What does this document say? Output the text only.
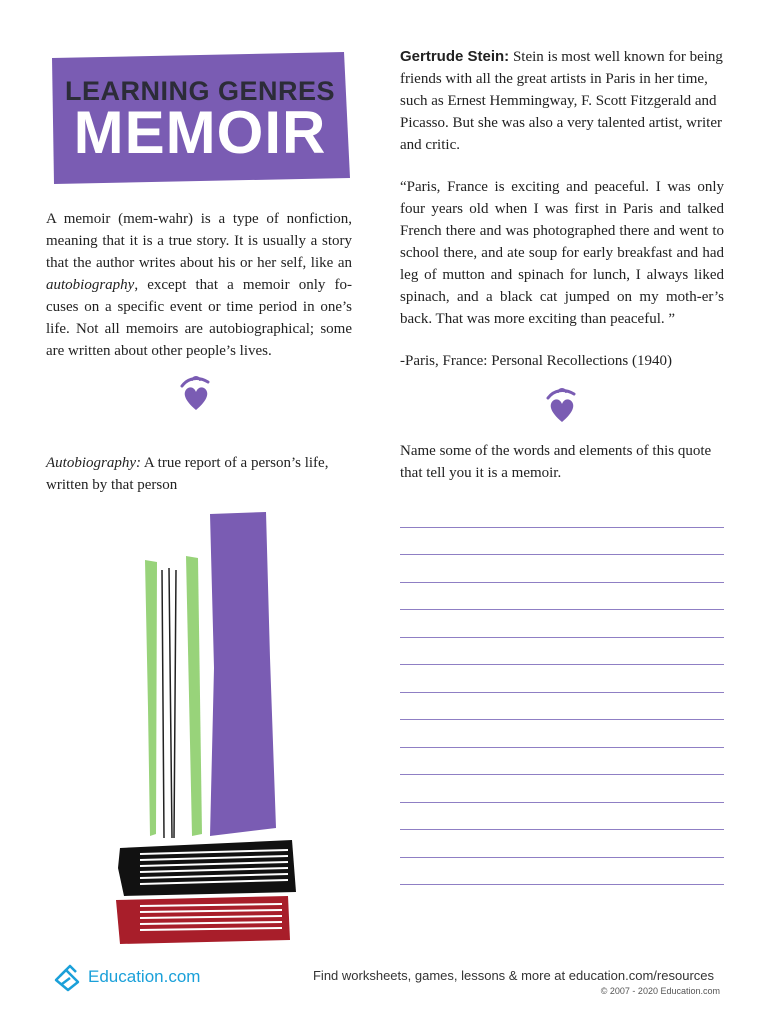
LEARNING GENRES
MEMOIR
A memoir (mem-wahr) is a type of nonfiction, meaning that it is a true story. It is usually a story that the author writes about his or her self, like an autobiography, except that a memoir only fo-cuses on a specific event or time period in one’s life. Not all memoirs are autobiographical; some are written about other people’s lives.
Autobiography: A true report of a person’s life, written by that person
Gertrude Stein: Stein is most well known for being friends with all the great artists in Paris in her time, such as Ernest Hemmingway, F. Scott Fitzgerald and Picasso. But she was also a very talented artist, writer and critic.
“Paris, France is exciting and peaceful. I was only four years old when I was first in Paris and talked French there and was photographed there and went to school there, and ate soup for early breakfast and had leg of mutton and spinach for lunch, I always liked spinach, and a black cat jumped on my moth-er’s back. That was more exciting than peaceful. ”
-Paris, France: Personal Recollections (1940)
Name some of the words and elements of this quote that tell you it is a memoir.
Education.com	Find worksheets, games, lessons & more at education.com/resources
© 2007 - 2020 Education.com
